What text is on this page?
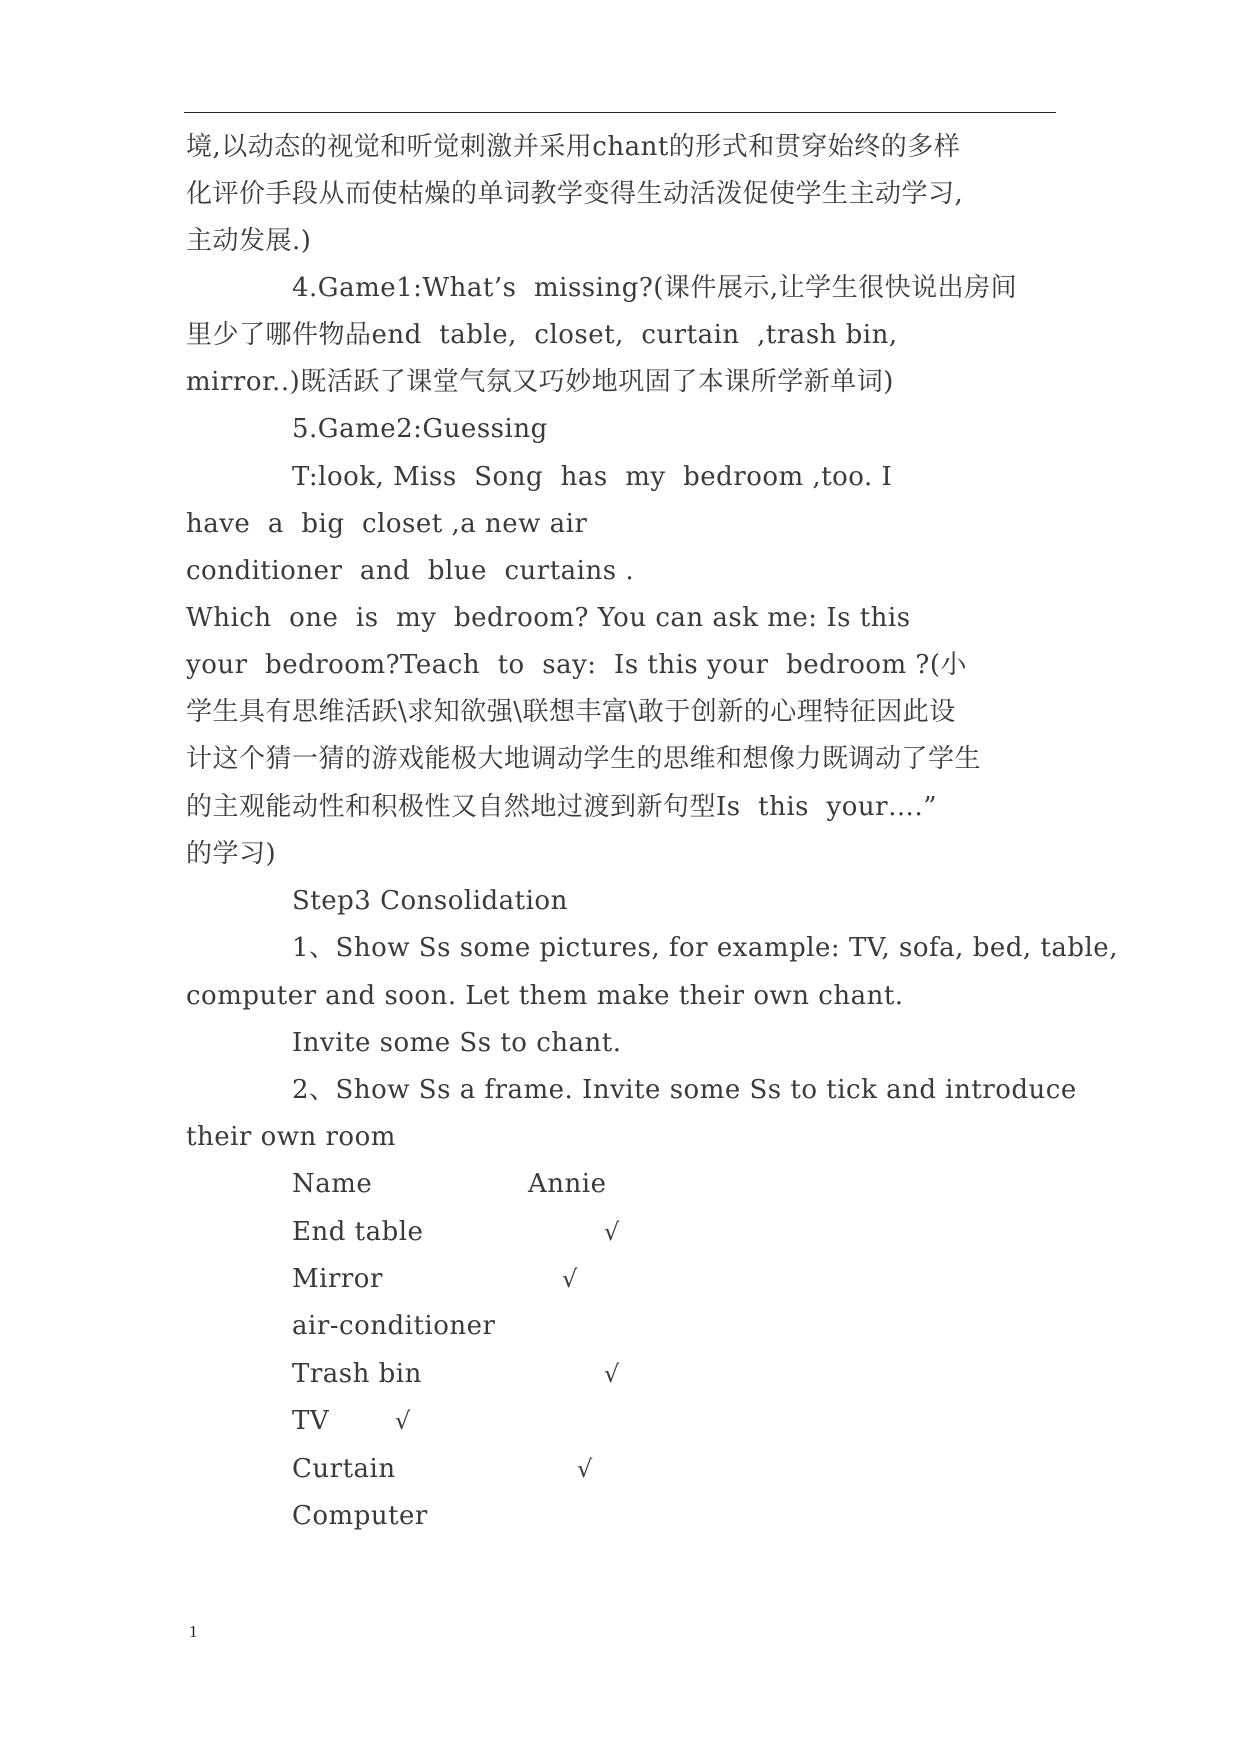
境,以动态的视觉和听觉刺激并采用chant的形式和贯穿始终的多样
化评价手段从而使枯燥的单词教学变得生动活泼促使学生主动学习,
主动发展.)
4.Game1:What’s  missing?(课件展示,让学生很快说出房间
里少了哪件物品end  table,  closet,  curtain  ,trash bin,
mirror..)既活跃了课堂气氛又巧妙地巩固了本课所学新单词)
5.Game2:Guessing
T:look, Miss  Song  has  my  bedroom ,too. I
have  a  big  closet ,a new air
conditioner  and  blue  curtains .
Which  one  is  my  bedroom? You can ask me: Is this
your  bedroom?Teach  to  say:  Is this your  bedroom ?(小
学生具有思维活跃\求知欲强\联想丰富\敢于创新的心理特征因此设
计这个猜一猜的游戏能极大地调动学生的思维和想像力既调动了学生
的主观能动性和积极性又自然地过渡到新句型Is  this  your….”
的学习)
Step3 Consolidation
1、Show Ss some pictures, for example: TV, sofa, bed, table,
computer and soon. Let them make their own chant.
Invite some Ss to chant.
2、Show Ss a frame. Invite some Ss to tick and introduce
their own room
Name	Annie
End table	√
Mirror	√
air-conditioner
Trash bin	√
TV	√
Curtain	√
Computer
1
